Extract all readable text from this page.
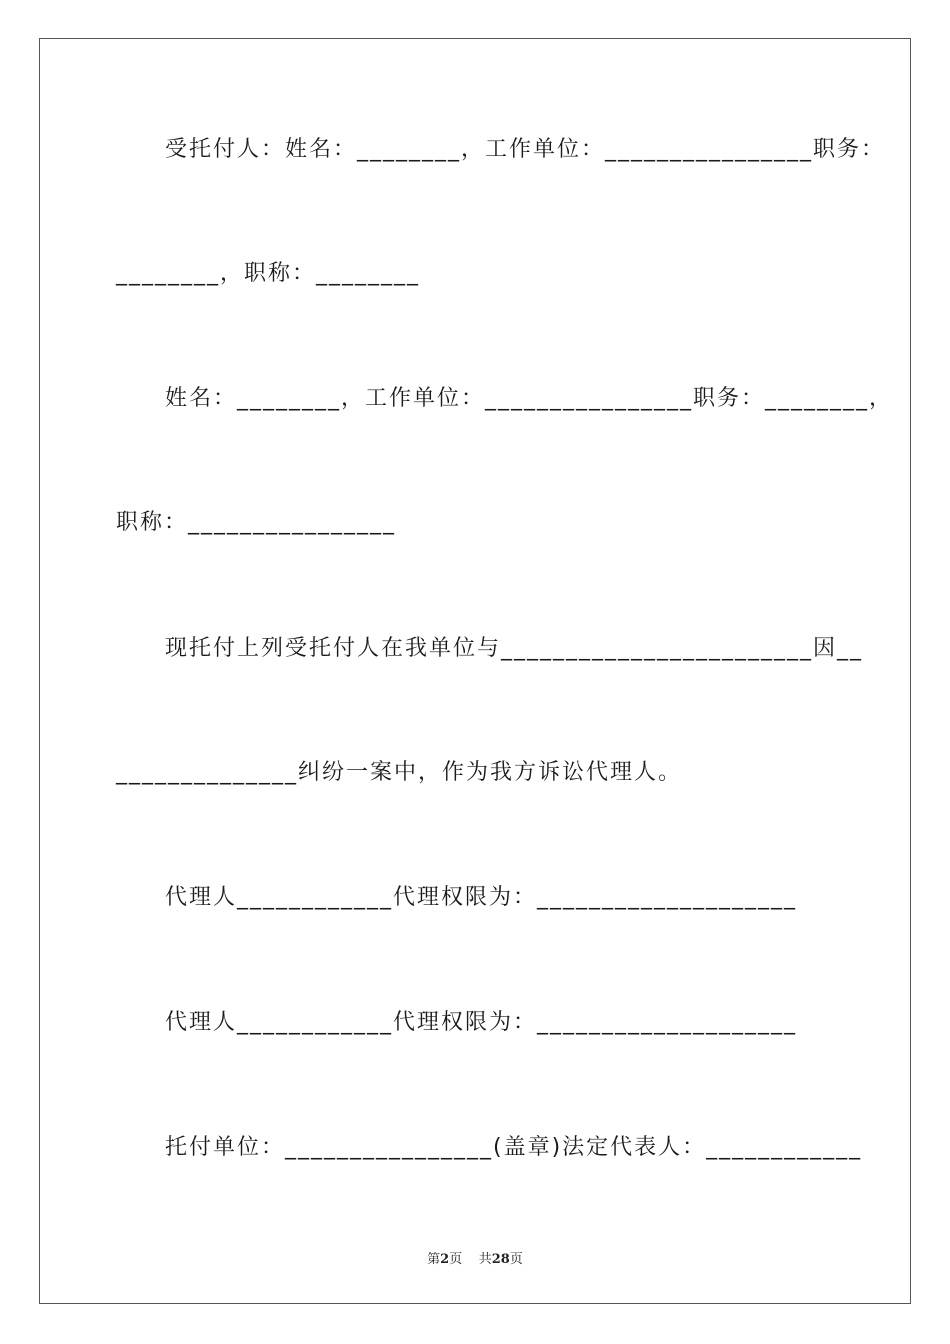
受托付人：姓名：________，工作单位：________________职务：
________，职称：________
姓名：________，工作单位：________________职务：________，
职称：________________
现托付上列受托付人在我单位与________________________因__
______________纠纷一案中，作为我方诉讼代理人。
代理人____________代理权限为：____________________
代理人____________代理权限为：____________________
托付单位：________________(盖章)法定代表人：____________
第2页 共28页
